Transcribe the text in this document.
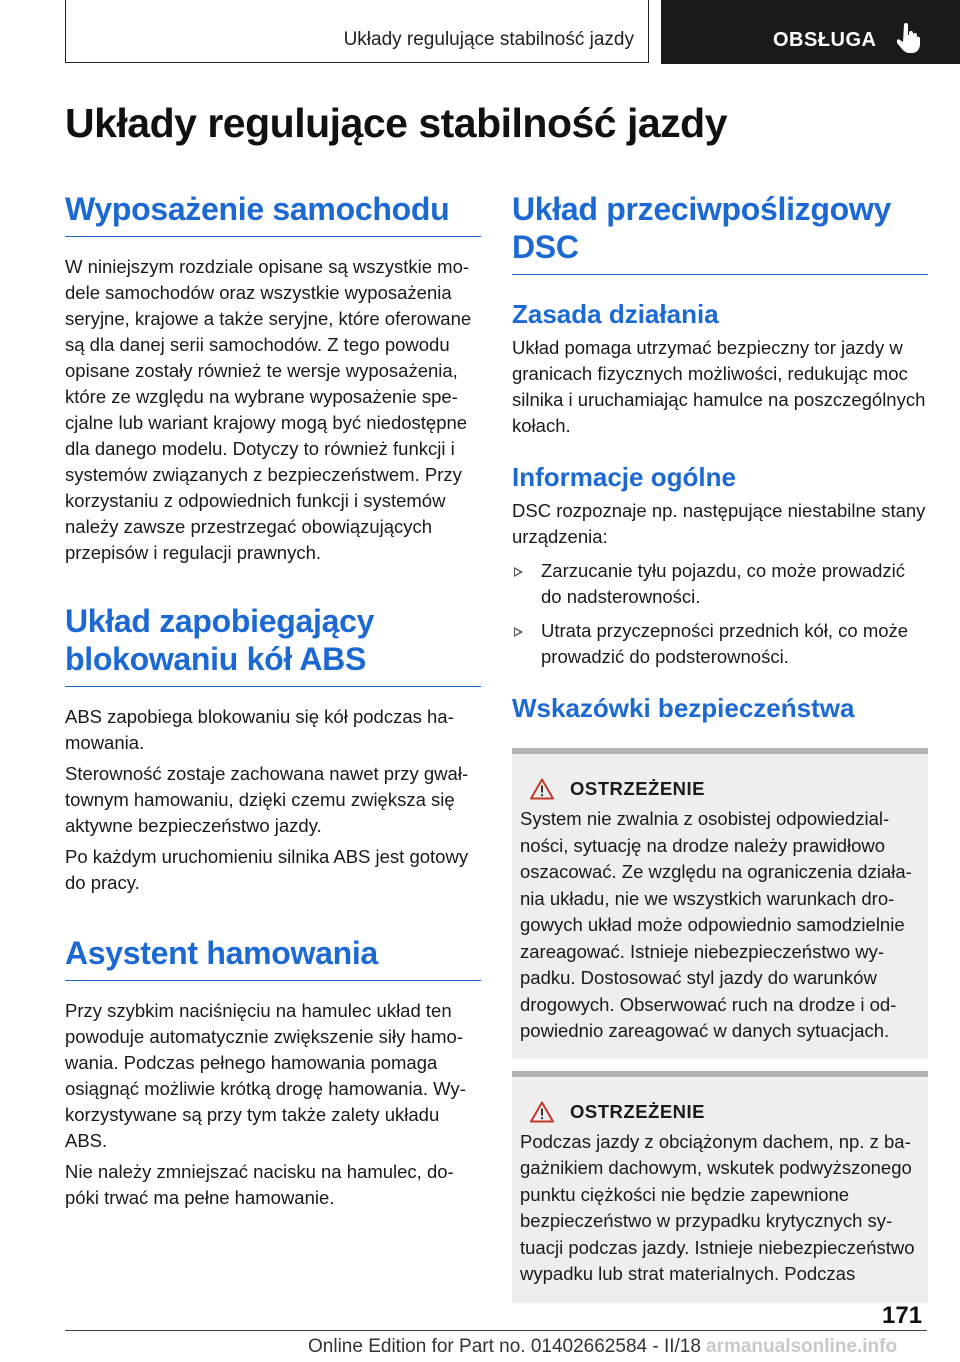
Układy regulujące stabilność jazdy	OBSŁUGA
Układy regulujące stabilność jazdy
Wyposażenie samochodu

W niniejszym rozdziale opisane są wszystkie modele samochodów oraz wszystkie wyposażenia seryjne, krajowe a także seryjne, które oferowane są dla danej serii samochodów. Z tego powodu opisane zostały również te wersje wyposażenia, które ze względu na wybrane wyposażenie specjalne lub wariant krajowy mogą być niedostępne dla danego modelu. Dotyczy to również funkcji i systemów związanych z bezpieczeństwem. Przy korzystaniu z odpowiednich funkcji i systemów należy zawsze przestrzegać obowiązujących przepisów i regulacji prawnych.

Układ zapobiegający blokowaniu kół ABS

ABS zapobiega blokowaniu się kół podczas hamowania.

Sterowność zostaje zachowana nawet przy gwałtownym hamowaniu, dzięki czemu zwiększa się aktywne bezpieczeństwo jazdy.

Po każdym uruchomieniu silnika ABS jest gotowy do pracy.

Asystent hamowania

Przy szybkim naciśnięciu na hamulec układ ten powoduje automatycznie zwiększenie siły hamowania. Podczas pełnego hamowania pomaga osiągnąć możliwie krótką drogę hamowania. Wykorzystywane są przy tym także zalety układu ABS.

Nie należy zmniejszać nacisku na hamulec, dopóki trwać ma pełne hamowanie.

Układ przeciwpoślizgowy DSC
Zasada działania

Układ pomaga utrzymać bezpieczny tor jazdy w granicach fizycznych możliwości, redukując moc silnika i uruchamiając hamulce na poszczególnych kołach.

Informacje ogólne

DSC rozpoznaje np. następujące niestabilne stany urządzenia:

Zarzucanie tyłu pojazdu, co może prowadzić do nadsterowności.
Utrata przyczepności przednich kół, co może prowadzić do podsterowności.
Wskazówki bezpieczeństwa
OSTRZEŻENIE

System nie zwalnia z osobistej odpowiedzialności, sytuację na drodze należy prawidłowo oszacować. Ze względu na ograniczenia działania układu, nie we wszystkich warunkach drogowych układ może odpowiednio samodzielnie zareagować. Istnieje niebezpieczeństwo wypadku. Dostosować styl jazdy do warunków drogowych. Obserwować ruch na drodze i odpowiednio zareagować w danych sytuacjach.

OSTRZEŻENIE

Podczas jazdy z obciążonym dachem, np. z bagażnikiem dachowym, wskutek podwyższonego punktu ciężkości nie będzie zapewnione bezpieczeństwo w przypadku krytycznych sytuacji podczas jazdy. Istnieje niebezpieczeństwo wypadku lub strat materialnych. Podczas

171
Online Edition for Part no. 01402662584 - II/18 armanualsonline.info
